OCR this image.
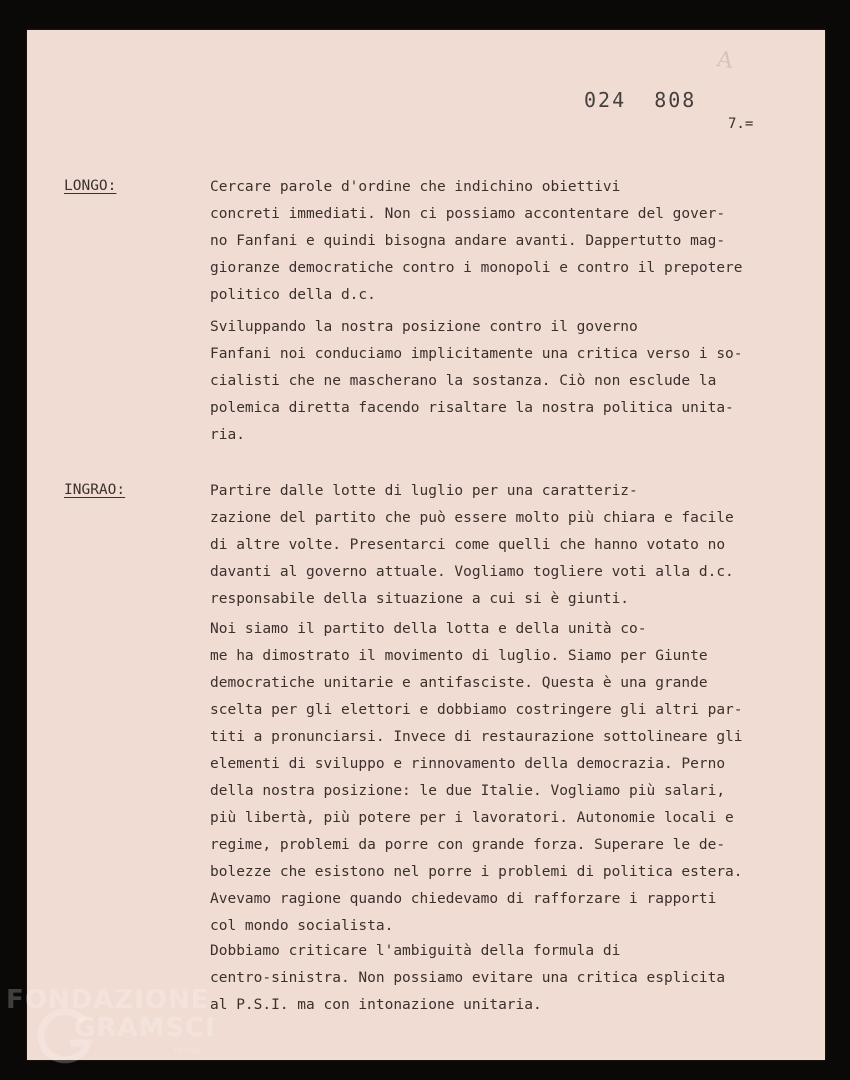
A
024  808
7.=
LONGO:	Cercare parole d'ordine che indichino obiettivi
concreti immediati. Non ci possiamo accontentare del gover-
no Fanfani e quindi bisogna andare avanti. Dappertutto mag-
gioranze democratiche contro i monopoli e contro il prepotere
politico della d.c.

Sviluppando la nostra posizione contro il governo
Fanfani noi conduciamo implicitamente una critica verso i so-
cialisti che ne mascherano la sostanza. Ciò non esclude la
polemica diretta facendo risaltare la nostra politica unita-
ria.

INGRAO:	Partire dalle lotte di luglio per una caratteriz-
zazione del partito che può essere molto più chiara e facile
di altre volte. Presentarci come quelli che hanno votato no
davanti al governo attuale. Vogliamo togliere voti alla d.c.
responsabile della situazione a cui si è giunti.

Noi siamo il partito della lotta e della unità co-
me ha dimostrato il movimento di luglio. Siamo per Giunte
democratiche unitarie e antifasciste. Questa è una grande
scelta per gli elettori e dobbiamo costringere gli altri par-
titi a pronunciarsi. Invece di restaurazione sottolineare gli
elementi di sviluppo e rinnovamento della democrazia. Perno
della nostra posizione: le due Italie. Vogliamo più salari,
più libertà, più potere per i lavoratori. Autonomie locali e
regime, problemi da porre con grande forza. Superare le de-
bolezze che esistono nel porre i problemi di politica estera.
Avevamo ragione quando chiedevamo di rafforzare i rapporti
col mondo socialista.

Dobbiamo criticare l'ambiguità della formula di
centro-sinistra. Non possiamo evitare una critica esplicita
al P.S.I. ma con intonazione unitaria.

FONDAZIONE
GRAMSCI
onlus
